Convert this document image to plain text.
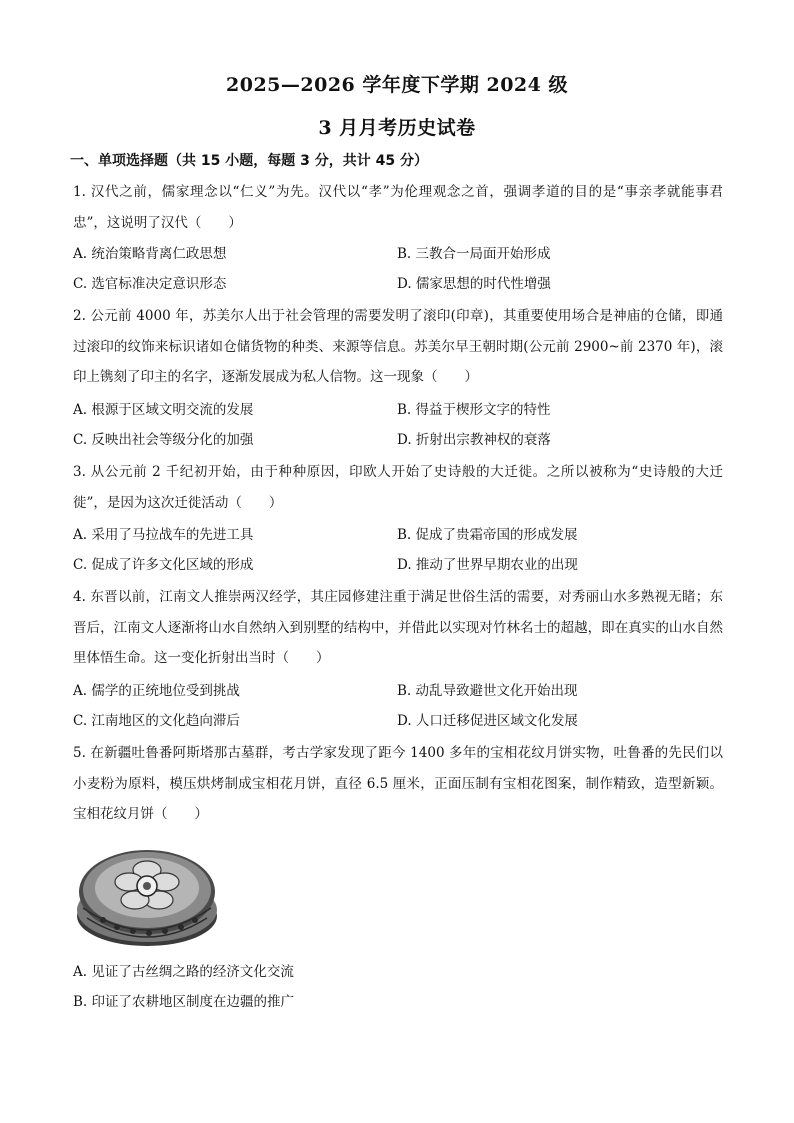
2025—2026 学年度下学期 2024 级
3 月月考历史试卷
一、单项选择题（共 15 小题，每题 3 分，共计 45 分）
1. 汉代之前，儒家理念以“仁义”为先。汉代以“孝”为伦理观念之首，强调孝道的目的是“事亲孝就能事君忠”，这说明了汉代（　　）
A. 统治策略背离仁政思想	B. 三教合一局面开始形成
C. 选官标准决定意识形态	D. 儒家思想的时代性增强
2. 公元前 4000 年，苏美尔人出于社会管理的需要发明了滚印(印章)，其重要使用场合是神庙的仓储，即通过滚印的纹饰来标识诸如仓储货物的种类、来源等信息。苏美尔早王朝时期(公元前 2900~前 2370 年)，滚印上镌刻了印主的名字，逐渐发展成为私人信物。这一现象（　　）
A. 根源于区域文明交流的发展	B. 得益于楔形文字的特性
C. 反映出社会等级分化的加强	D. 折射出宗教神权的衰落
3. 从公元前 2 千纪初开始，由于种种原因，印欧人开始了史诗般的大迁徙。之所以被称为“史诗般的大迁徙”，是因为这次迁徙活动（　　）
A. 采用了马拉战车的先进工具	B. 促成了贵霜帝国的形成发展
C. 促成了许多文化区域的形成	D. 推动了世界早期农业的出现
4. 东晋以前，江南文人推崇两汉经学，其庄园修建注重于满足世俗生活的需要，对秀丽山水多熟视无睹；东晋后，江南文人逐渐将山水自然纳入到别墅的结构中，并借此以实现对竹林名士的超越，即在真实的山水自然里体悟生命。这一变化折射出当时（　　）
A. 儒学的正统地位受到挑战	B. 动乱导致避世文化开始出现
C. 江南地区的文化趋向滞后	D. 人口迁移促进区域文化发展
5. 在新疆吐鲁番阿斯塔那古墓群，考古学家发现了距今 1400 多年的宝相花纹月饼实物，吐鲁番的先民们以小麦粉为原料，模压烘烤制成宝相花月饼，直径 6.5 厘米，正面压制有宝相花图案，制作精致，造型新颖。宝相花纹月饼（　　）
A. 见证了古丝绸之路的经济文化交流
B. 印证了农耕地区制度在边疆的推广
